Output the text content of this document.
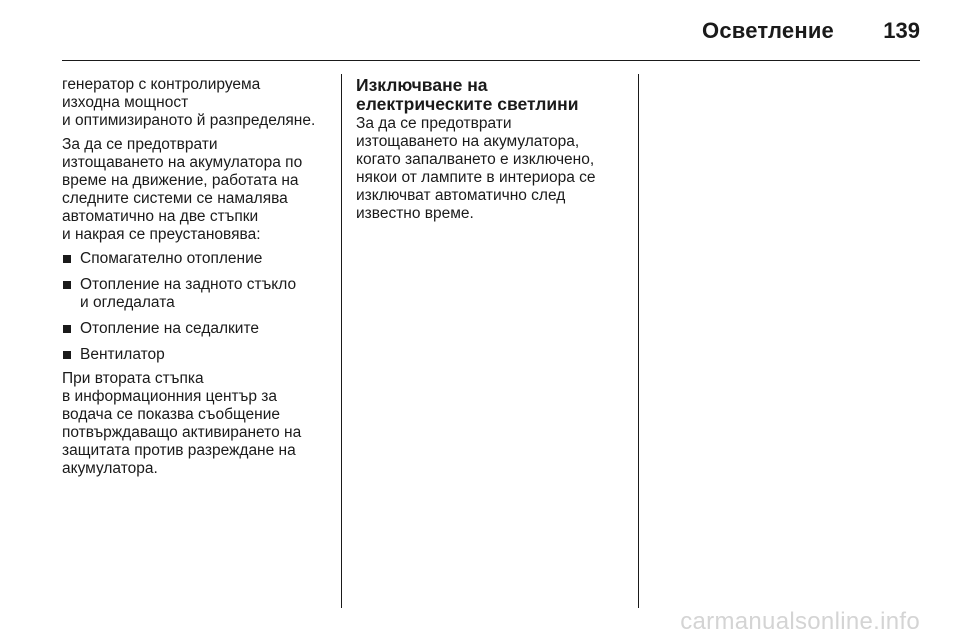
Осветление 139

генератор с контролируема
изходна мощност
и оптимизираното й разпределяне.

За да се предотврати
изтощаването на акумулатора по
време на движение, работата на
следните системи се намалява
автоматично на две стъпки
и накрая се преустановява:

Спомагателно отопление
Отопление на задното стъкло
и огледалата
Отопление на седалките
Вентилатор

При втората стъпка
в информационния център за
водача се показва съобщение
потвърждаващо активирането на
защитата против разреждане на
акумулатора.

Изключване на
електрическите светлини

За да се предотврати
изтощаването на акумулатора,
когато запалването е изключено,
някои от лампите в интериора се
изключват автоматично след
известно време.

carmanualsonline.info
